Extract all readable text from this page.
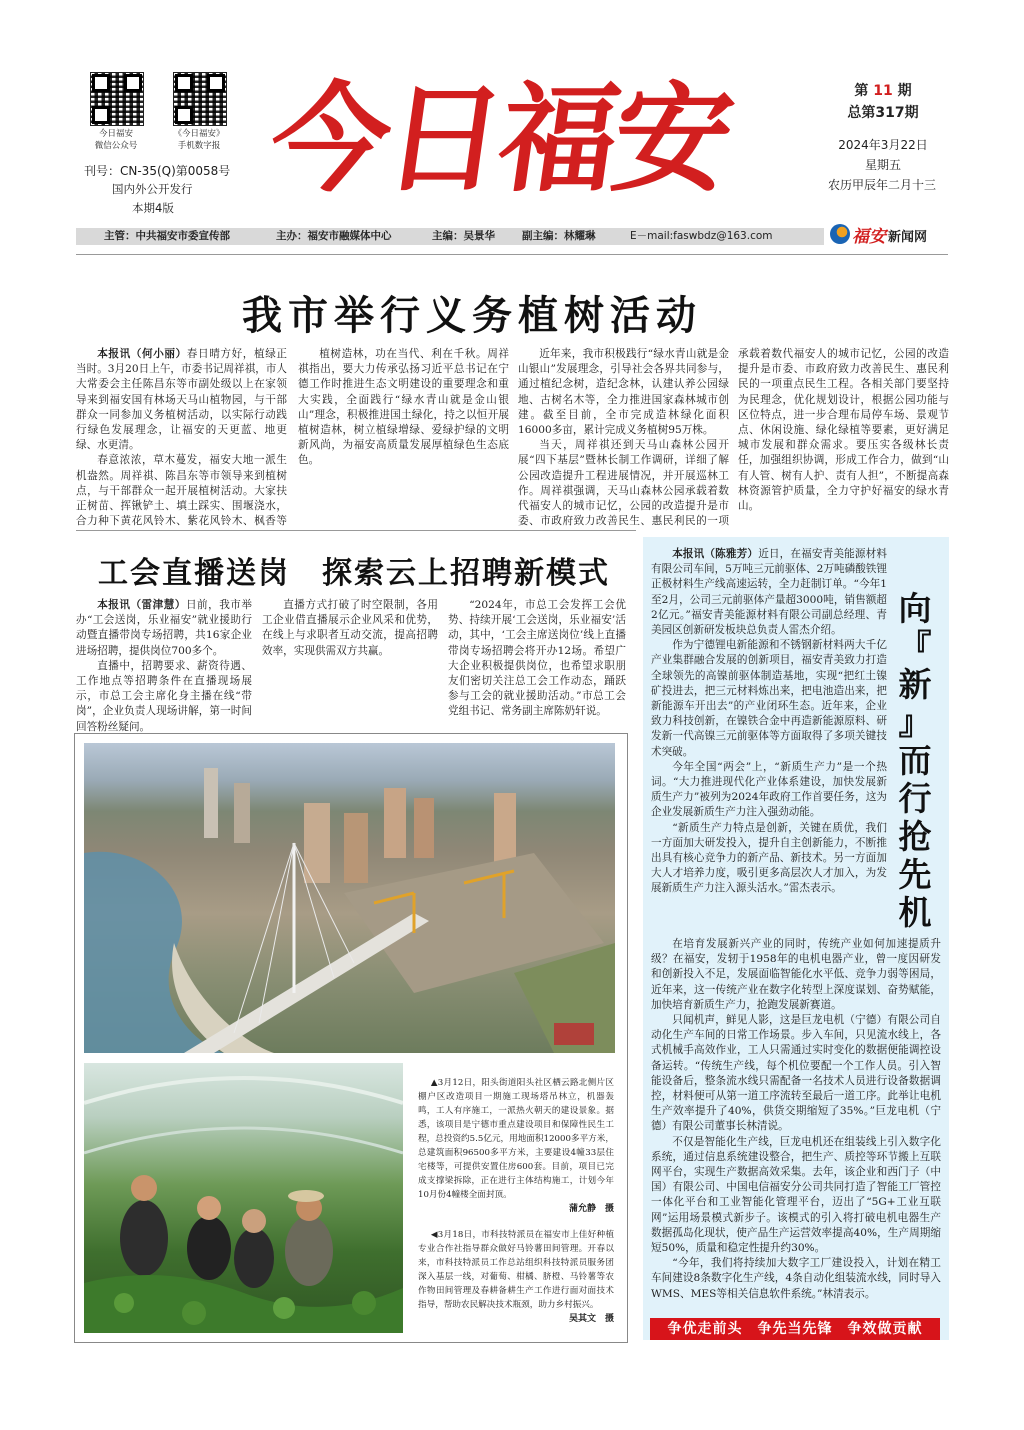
今日福安
微信公众号
《今日福安》
手机数字报
刊号：CN-35(Q)第0058号
国内外公开发行
本期4版 今日福安	第 11 期
总第317期
2024年3月22日
星期五
农历甲辰年二月十三
主管：中共福安市委宣传部	主办：福安市融媒体中心	主编：吴景华	副主编：林耀琳	E－mail:faswbdz@163.com	福安 新闻网
我市举行义务植树活动

本报讯（何小丽）春日晴方好，植绿正当时。3月20日上午，市委书记周祥祺，市人大常委会主任陈昌东等市副处级以上在家领导来到福安国有林场天马山植物园，与干部群众一同参加义务植树活动，以实际行动践行绿色发展理念，让福安的天更蓝、地更绿、水更清。

春意浓浓，草木蔓发，福安大地一派生机盎然。周祥祺、陈昌东等市领导来到植树点，与干部群众一起开展植树活动。大家扶正树苗、挥锹铲土、填土踩实、围堰浇水，合力种下黄花风铃木、紫花风铃木、枫香等

植树造林，功在当代、利在千秋。周祥祺指出，要大力传承弘扬习近平总书记在宁德工作时推进生态文明建设的重要理念和重大实践，全面践行“绿水青山就是金山银山”理念，积极推进国土绿化，持之以恒开展植树造林，树立植绿增绿、爱绿护绿的文明新风尚，为福安高质量发展厚植绿色生态底色。

近年来，我市积极践行“绿水青山就是金山银山”发展理念，引导社会各界共同参与，通过植纪念树，造纪念林，认建认养公园绿地、古树名木等，全力推进国家森林城市创建。截至目前，全市完成造林绿化面积16000多亩，累计完成义务植树95万株。

当天，周祥祺还到天马山森林公园开展“四下基层”暨林长制工作调研，详细了解公园改造提升工程进展情况，并开展巡林工作。周祥祺强调，天马山森林公园承载着数代福安人的城市记忆，公园的改造提升是市委、市政府致力改善民生、惠民利民的一项

承载着数代福安人的城市记忆，公园的改造提升是市委、市政府致力改善民生、惠民利民的一项重点民生工程。各相关部门要坚持为民理念，优化规划设计，根据公园功能与区位特点，进一步合理布局停车场、景观节点、休闲设施、绿化绿植等要素，更好满足城市发展和群众需求。要压实各级林长责任，加强组织协调，形成工作合力，做到“山有人管、树有人护、责有人担”，不断提高森林资源管护质量，全力守护好福安的绿水青山。

工会直播送岗　探索云上招聘新模式

本报讯（雷津慧）日前，我市举办“工会送岗，乐业福安”就业援助行动暨直播带岗专场招聘，共16家企业进场招聘，提供岗位700多个。

直播中，招聘要求、薪资待遇、工作地点等招聘条件在直播现场展示，市总工会主席化身主播在线“带岗”，企业负责人现场讲解，第一时间回答粉丝疑问。

直播方式打破了时空限制，各用工企业借直播展示企业风采和优势，在线上与求职者互动交流，提高招聘效率，实现供需双方共赢。

“2024年，市总工会发挥工会优势、持续开展‘工会送岗，乐业福安’活动，其中，‘工会主席送岗位’线上直播带岗专场招聘会将开办12场。希望广大企业积极提供岗位，也希望求职朋友们密切关注总工会工作动态，踊跃参与工会的就业援助活动。”市总工会党组书记、常务副主席陈奶轩说。

▲3月12日，阳头街道阳头社区栖云路北侧片区棚户区改造项目一期施工现场塔吊林立，机器轰鸣，工人有序施工，一派热火朝天的建设景象。据悉，该项目是宁德市重点建设项目和保障性民生工程，总投资约5.5亿元，用地面积12000多平方米，总建筑面积96500多平方米，主要建设4幢33层住宅楼等，可提供安置住房600套。目前，项目已完成支撑梁拆除，正在进行主体结构施工，计划今年10月份4幢楼全面封顶。

蒲允静　摄

◀3月18日，市科技特派员在福安市上佳好种植专业合作社指导群众做好马铃薯田间管理。开春以来，市科技特派员工作总站组织科技特派员服务团深入基层一线，对葡萄、柑橘、脐橙、马铃薯等农作物田间管理及春耕备耕生产工作进行面对面技术指导，帮助农民解决技术瓶颈，助力乡村振兴。

吴其文　摄
向
『
新
』
而
行
抢
先
机

本报讯（陈雅芳）近日，在福安青美能源材料有限公司车间，5万吨三元前驱体、2万吨磷酸铁锂正极材料生产线高速运转，全力赶制订单。“今年1至2月，公司三元前驱体产量超3000吨，销售额超2亿元。”福安青美能源材料有限公司副总经理、青美园区创新研发板块总负责人雷杰介绍。

作为宁德锂电新能源和不锈钢新材料两大千亿产业集群融合发展的创新项目，福安青美致力打造全球领先的高镍前驱体制造基地，实现“把红土镍矿投进去，把三元材料炼出来，把电池造出来，把新能源车开出去”的产业闭环生态。近年来，企业致力科技创新，在镍铁合金中再造新能源原料、研发新一代高镍三元前驱体等方面取得了多项关键技术突破。

今年全国“两会”上，“新质生产力”是一个热词。“大力推进现代化产业体系建设，加快发展新质生产力”被列为2024年政府工作首要任务，这为企业发展新质生产力注入强劲动能。

“新质生产力特点是创新，关键在质优，我们一方面加大研发投入，提升自主创新能力，不断推出具有核心竞争力的新产品、新技术。另一方面加大人才培养力度，吸引更多高层次人才加入，为发展新质生产力注入源头活水。”雷杰表示。

在培育发展新兴产业的同时，传统产业如何加速提质升级？在福安，发轫于1958年的电机电器产业，曾一度因研发和创新投入不足，发展面临智能化水平低、竞争力弱等困局，近年来，这一传统产业在数字化转型上深度谋划、奋势赋能，加快培育新质生产力，抢跑发展新赛道。

只闻机声，鲜见人影，这是巨龙电机（宁德）有限公司自动化生产车间的日常工作场景。步入车间，只见流水线上，各式机械手高效作业，工人只需通过实时变化的数据便能调控设备运转。“传统生产线，每个机位要配一个工作人员。引入智能设备后，整条流水线只需配备一名技术人员进行设备数据调控，材料便可从第一道工序流转至最后一道工序。此举让电机生产效率提升了40%，供货交期缩短了35%。”巨龙电机（宁德）有限公司董事长林清说。

不仅是智能化生产线，巨龙电机还在组装线上引入数字化系统，通过信息系统建设整合，把生产、质控等环节搬上互联网平台，实现生产数据高效采集。去年，该企业和西门子（中国）有限公司、中国电信福安分公司共同打造了智能工厂管控一体化平台和工业智能化管理平台，迈出了“5G+工业互联网”运用场景模式新步子。该模式的引入将打破电机电器生产数据孤岛化现状，使产品生产运营效率提高40%，生产周期缩短50%，质量和稳定性提升约30%。

“今年，我们将持续加大数字工厂建设投入，计划在精工车间建设8条数字化生产线，4条自动化组装流水线，同时导入WMS、MES等相关信息软件系统。”林清表示。

争优走前头　争先当先锋　争效做贡献
